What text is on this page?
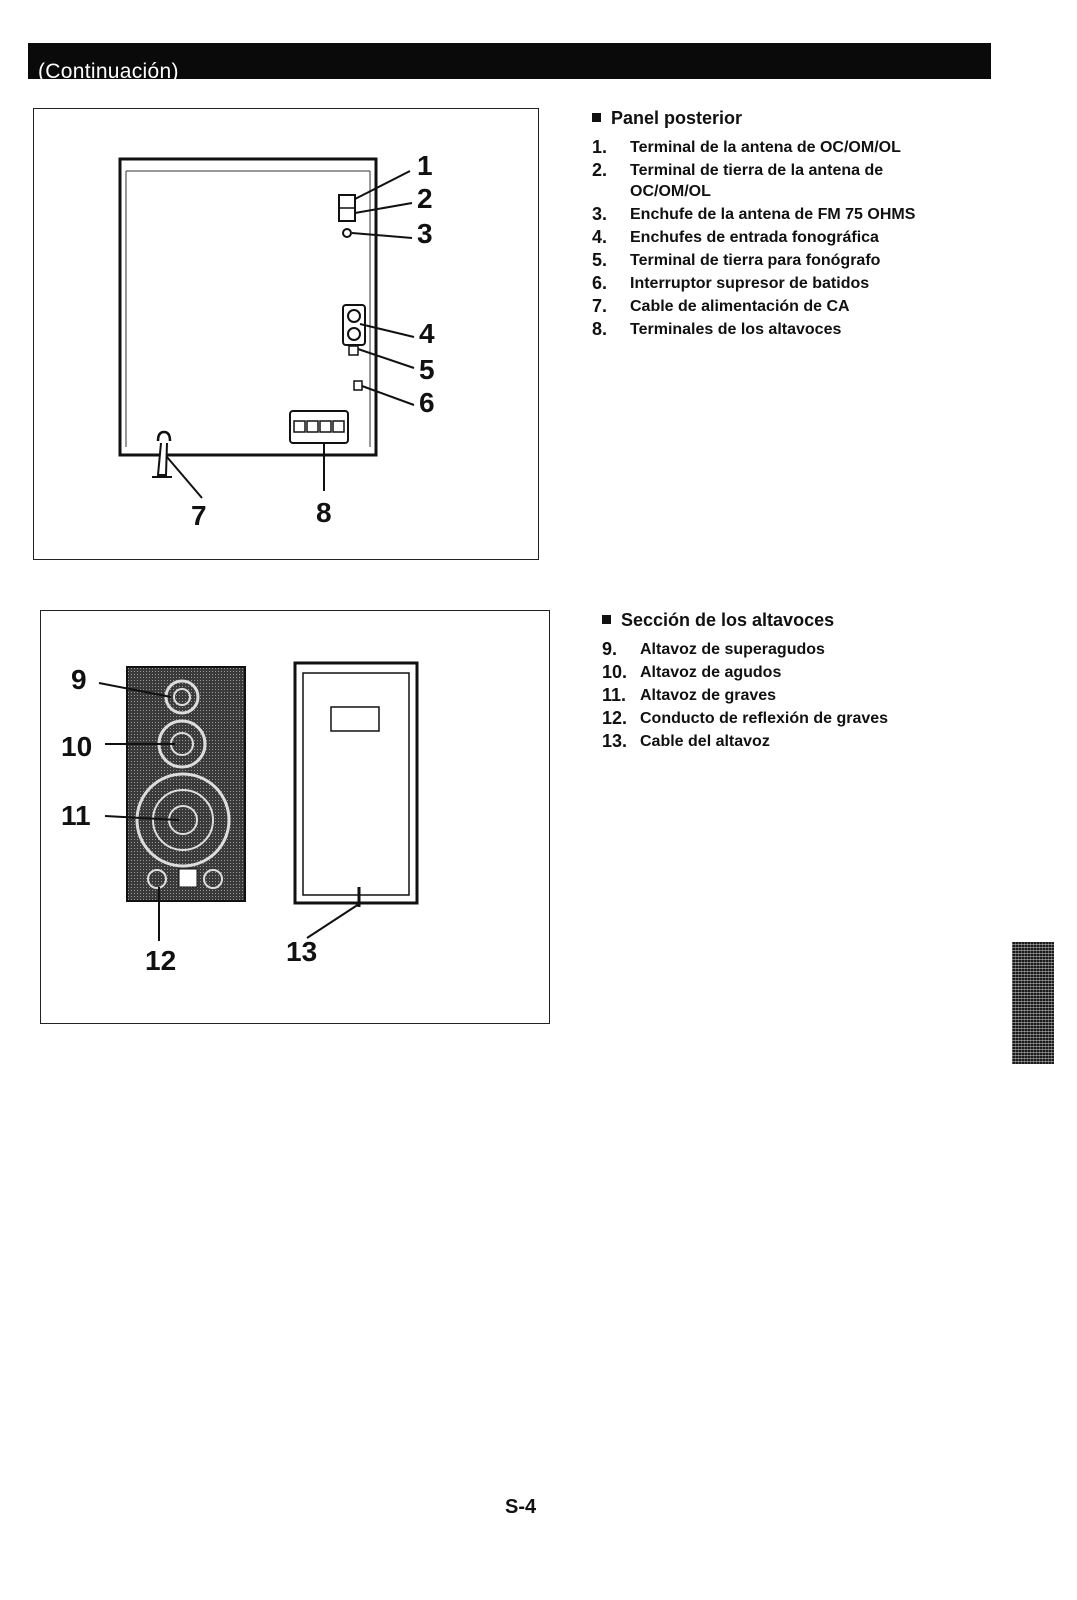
(Continuación)
1
2
3
4
5
6
7	8
9
10
11
12	13
Panel posterior
1.	Terminal de la antena de OC/OM/OL
2.	Terminal de tierra de la antena de OC/OM/OL
3.	Enchufe de la antena de FM 75 OHMS
4.	Enchufes de entrada fonográfica
5.	Terminal de tierra para fonógrafo
6.	Interruptor supresor de batidos
7.	Cable de alimentación de CA
8.	Terminales de los altavoces
Sección de los altavoces
9.	Altavoz de superagudos
10. Altavoz de agudos
11. Altavoz de graves
12. Conducto de reflexión de graves
13. Cable del altavoz
S-4
